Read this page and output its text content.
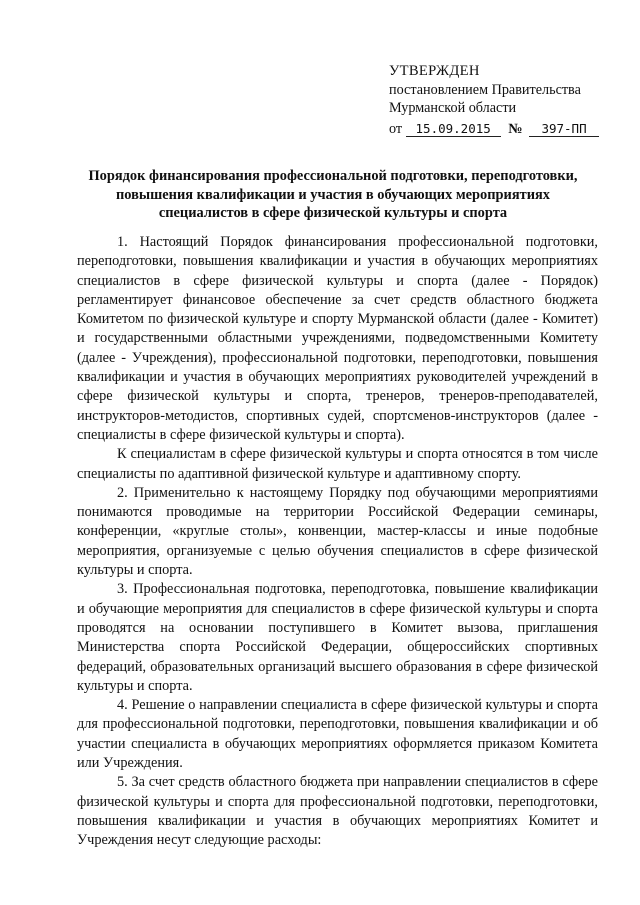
УТВЕРЖДЕН
постановлением Правительства
Мурманской области
от 15.09.2015 № 397-ПП
Порядок финансирования профессиональной подготовки, переподготовки, повышения квалификации и участия в обучающих мероприятиях специалистов в сфере физической культуры и спорта

1. Настоящий Порядок финансирования профессиональной подготовки, переподготовки, повышения квалификации и участия в обучающих мероприятиях специалистов в сфере физической культуры и спорта (далее - Порядок) регламентирует финансовое обеспечение за счет средств областного бюджета Комитетом по физической культуре и спорту Мурманской области (далее - Комитет) и государственными областными учреждениями, подведомственными Комитету (далее - Учреждения), профессиональной подготовки, переподготовки, повышения квалификации и участия в обучающих мероприятиях руководителей учреждений в сфере физической культуры и спорта, тренеров, тренеров-преподавателей, инструкторов-методистов, спортивных судей, спортсменов-инструкторов (далее - специалисты в сфере физической культуры и спорта).

К специалистам в сфере физической культуры и спорта относятся в том числе специалисты по адаптивной физической культуре и адаптивному спорту.

2. Применительно к настоящему Порядку под обучающими мероприятиями понимаются проводимые на территории Российской Федерации семинары, конференции, «круглые столы», конвенции, мастер-классы и иные подобные мероприятия, организуемые с целью обучения специалистов в сфере физической культуры и спорта.

3. Профессиональная подготовка, переподготовка, повышение квалификации и обучающие мероприятия для специалистов в сфере физической культуры и спорта проводятся на основании поступившего в Комитет вызова, приглашения Министерства спорта Российской Федерации, общероссийских спортивных федераций, образовательных организаций высшего образования в сфере физической культуры и спорта.

4. Решение о направлении специалиста в сфере физической культуры и спорта для профессиональной подготовки, переподготовки, повышения квалификации и об участии специалиста в обучающих мероприятиях оформляется приказом Комитета или Учреждения.

5. За счет средств областного бюджета при направлении специалистов в сфере физической культуры и спорта для профессиональной подготовки, переподготовки, повышения квалификации и участия в обучающих мероприятиях Комитет и Учреждения несут следующие расходы:
